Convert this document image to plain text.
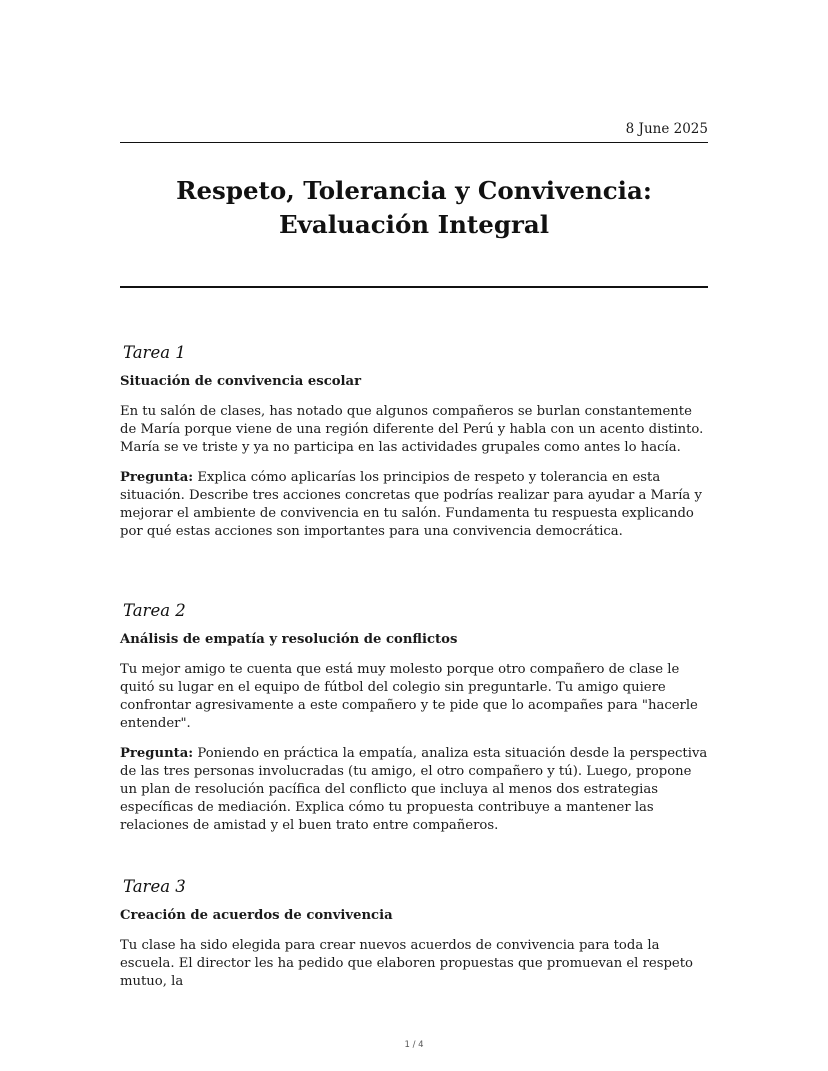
8 June 2025
Respeto, Tolerancia y Convivencia: Evaluación Integral
Tarea 1
Situación de convivencia escolar

En tu salón de clases, has notado que algunos compañeros se burlan constantemente de María porque viene de una región diferente del Perú y habla con un acento distinto. María se ve triste y ya no participa en las actividades grupales como antes lo hacía.

Pregunta: Explica cómo aplicarías los principios de respeto y tolerancia en esta situación. Describe tres acciones concretas que podrías realizar para ayudar a María y mejorar el ambiente de convivencia en tu salón. Fundamenta tu respuesta explicando por qué estas acciones son importantes para una convivencia democrática.

Tarea 2
Análisis de empatía y resolución de conflictos

Tu mejor amigo te cuenta que está muy molesto porque otro compañero de clase le quitó su lugar en el equipo de fútbol del colegio sin preguntarle. Tu amigo quiere confrontar agresivamente a este compañero y te pide que lo acompañes para "hacerle entender".

Pregunta: Poniendo en práctica la empatía, analiza esta situación desde la perspectiva de las tres personas involucradas (tu amigo, el otro compañero y tú). Luego, propone un plan de resolución pacífica del conflicto que incluya al menos dos estrategias específicas de mediación. Explica cómo tu propuesta contribuye a mantener las relaciones de amistad y el buen trato entre compañeros.

Tarea 3
Creación de acuerdos de convivencia

Tu clase ha sido elegida para crear nuevos acuerdos de convivencia para toda la escuela. El director les ha pedido que elaboren propuestas que promuevan el respeto mutuo, la

1 / 4
